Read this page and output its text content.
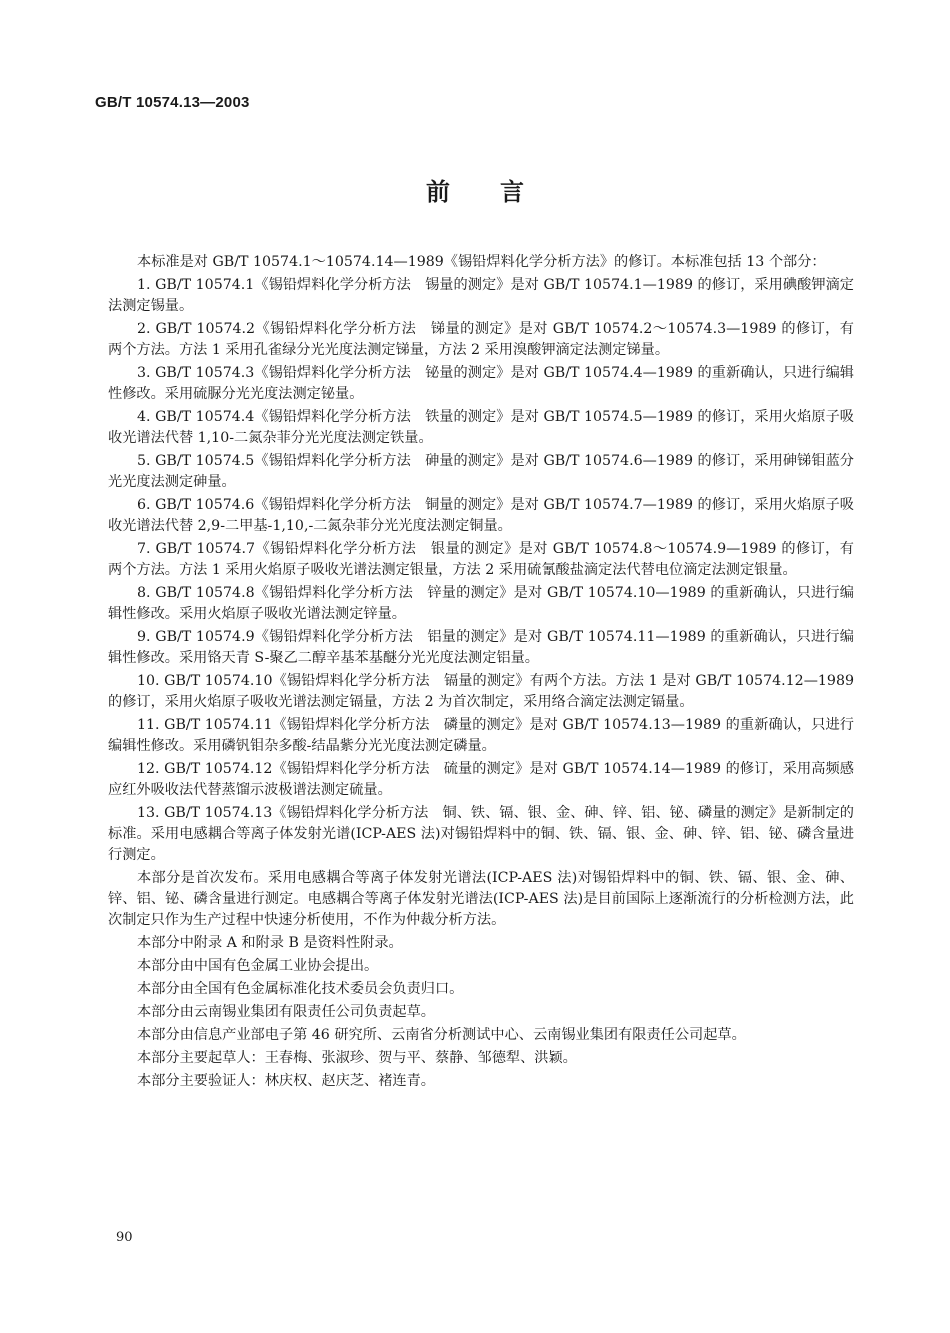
GB/T 10574.13—2003
前言

本标准是对 GB/T 10574.1～10574.14—1989《锡铅焊料化学分析方法》的修订。本标准包括 13 个部分：

1. GB/T 10574.1《锡铅焊料化学分析方法　锡量的测定》是对 GB/T 10574.1—1989 的修订，采用碘酸钾滴定法测定锡量。

2. GB/T 10574.2《锡铅焊料化学分析方法　锑量的测定》是对 GB/T 10574.2～10574.3—1989 的修订，有两个方法。方法 1 采用孔雀绿分光光度法测定锑量，方法 2 采用溴酸钾滴定法测定锑量。

3. GB/T 10574.3《锡铅焊料化学分析方法　铋量的测定》是对 GB/T 10574.4—1989 的重新确认，只进行编辑性修改。采用硫脲分光光度法测定铋量。

4. GB/T 10574.4《锡铅焊料化学分析方法　铁量的测定》是对 GB/T 10574.5—1989 的修订，采用火焰原子吸收光谱法代替 1,10-二氮杂菲分光光度法测定铁量。

5. GB/T 10574.5《锡铅焊料化学分析方法　砷量的测定》是对 GB/T 10574.6—1989 的修订，采用砷锑钼蓝分光光度法测定砷量。

6. GB/T 10574.6《锡铅焊料化学分析方法　铜量的测定》是对 GB/T 10574.7—1989 的修订，采用火焰原子吸收光谱法代替 2,9-二甲基-1,10,-二氮杂菲分光光度法测定铜量。

7. GB/T 10574.7《锡铅焊料化学分析方法　银量的测定》是对 GB/T 10574.8～10574.9—1989 的修订，有两个方法。方法 1 采用火焰原子吸收光谱法测定银量，方法 2 采用硫氰酸盐滴定法代替电位滴定法测定银量。

8. GB/T 10574.8《锡铅焊料化学分析方法　锌量的测定》是对 GB/T 10574.10—1989 的重新确认，只进行编辑性修改。采用火焰原子吸收光谱法测定锌量。

9. GB/T 10574.9《锡铅焊料化学分析方法　铝量的测定》是对 GB/T 10574.11—1989 的重新确认，只进行编辑性修改。采用铬天青 S-聚乙二醇辛基苯基醚分光光度法测定铝量。

10. GB/T 10574.10《锡铅焊料化学分析方法　镉量的测定》有两个方法。方法 1 是对 GB/T 10574.12—1989的修订，采用火焰原子吸收光谱法测定镉量，方法 2 为首次制定，采用络合滴定法测定镉量。

11. GB/T 10574.11《锡铅焊料化学分析方法　磷量的测定》是对 GB/T 10574.13—1989 的重新确认，只进行编辑性修改。采用磷钒钼杂多酸-结晶紫分光光度法测定磷量。

12. GB/T 10574.12《锡铅焊料化学分析方法　硫量的测定》是对 GB/T 10574.14—1989 的修订，采用高频感应红外吸收法代替蒸馏示波极谱法测定硫量。

13. GB/T 10574.13《锡铅焊料化学分析方法　铜、铁、镉、银、金、砷、锌、铝、铋、磷量的测定》是新制定的标准。采用电感耦合等离子体发射光谱(ICP-AES 法)对锡铅焊料中的铜、铁、镉、银、金、砷、锌、铝、铋、磷含量进行测定。

本部分是首次发布。采用电感耦合等离子体发射光谱法(ICP-AES 法)对锡铅焊料中的铜、铁、镉、银、金、砷、锌、铝、铋、磷含量进行测定。电感耦合等离子体发射光谱法(ICP-AES 法)是目前国际上逐渐流行的分析检测方法，此次制定只作为生产过程中快速分析使用，不作为仲裁分析方法。

本部分中附录 A 和附录 B 是资料性附录。

本部分由中国有色金属工业协会提出。

本部分由全国有色金属标准化技术委员会负责归口。

本部分由云南锡业集团有限责任公司负责起草。

本部分由信息产业部电子第 46 研究所、云南省分析测试中心、云南锡业集团有限责任公司起草。

本部分主要起草人：王春梅、张淑珍、贺与平、蔡静、邹德犁、洪颖。

本部分主要验证人：林庆权、赵庆芝、褚连青。

90
